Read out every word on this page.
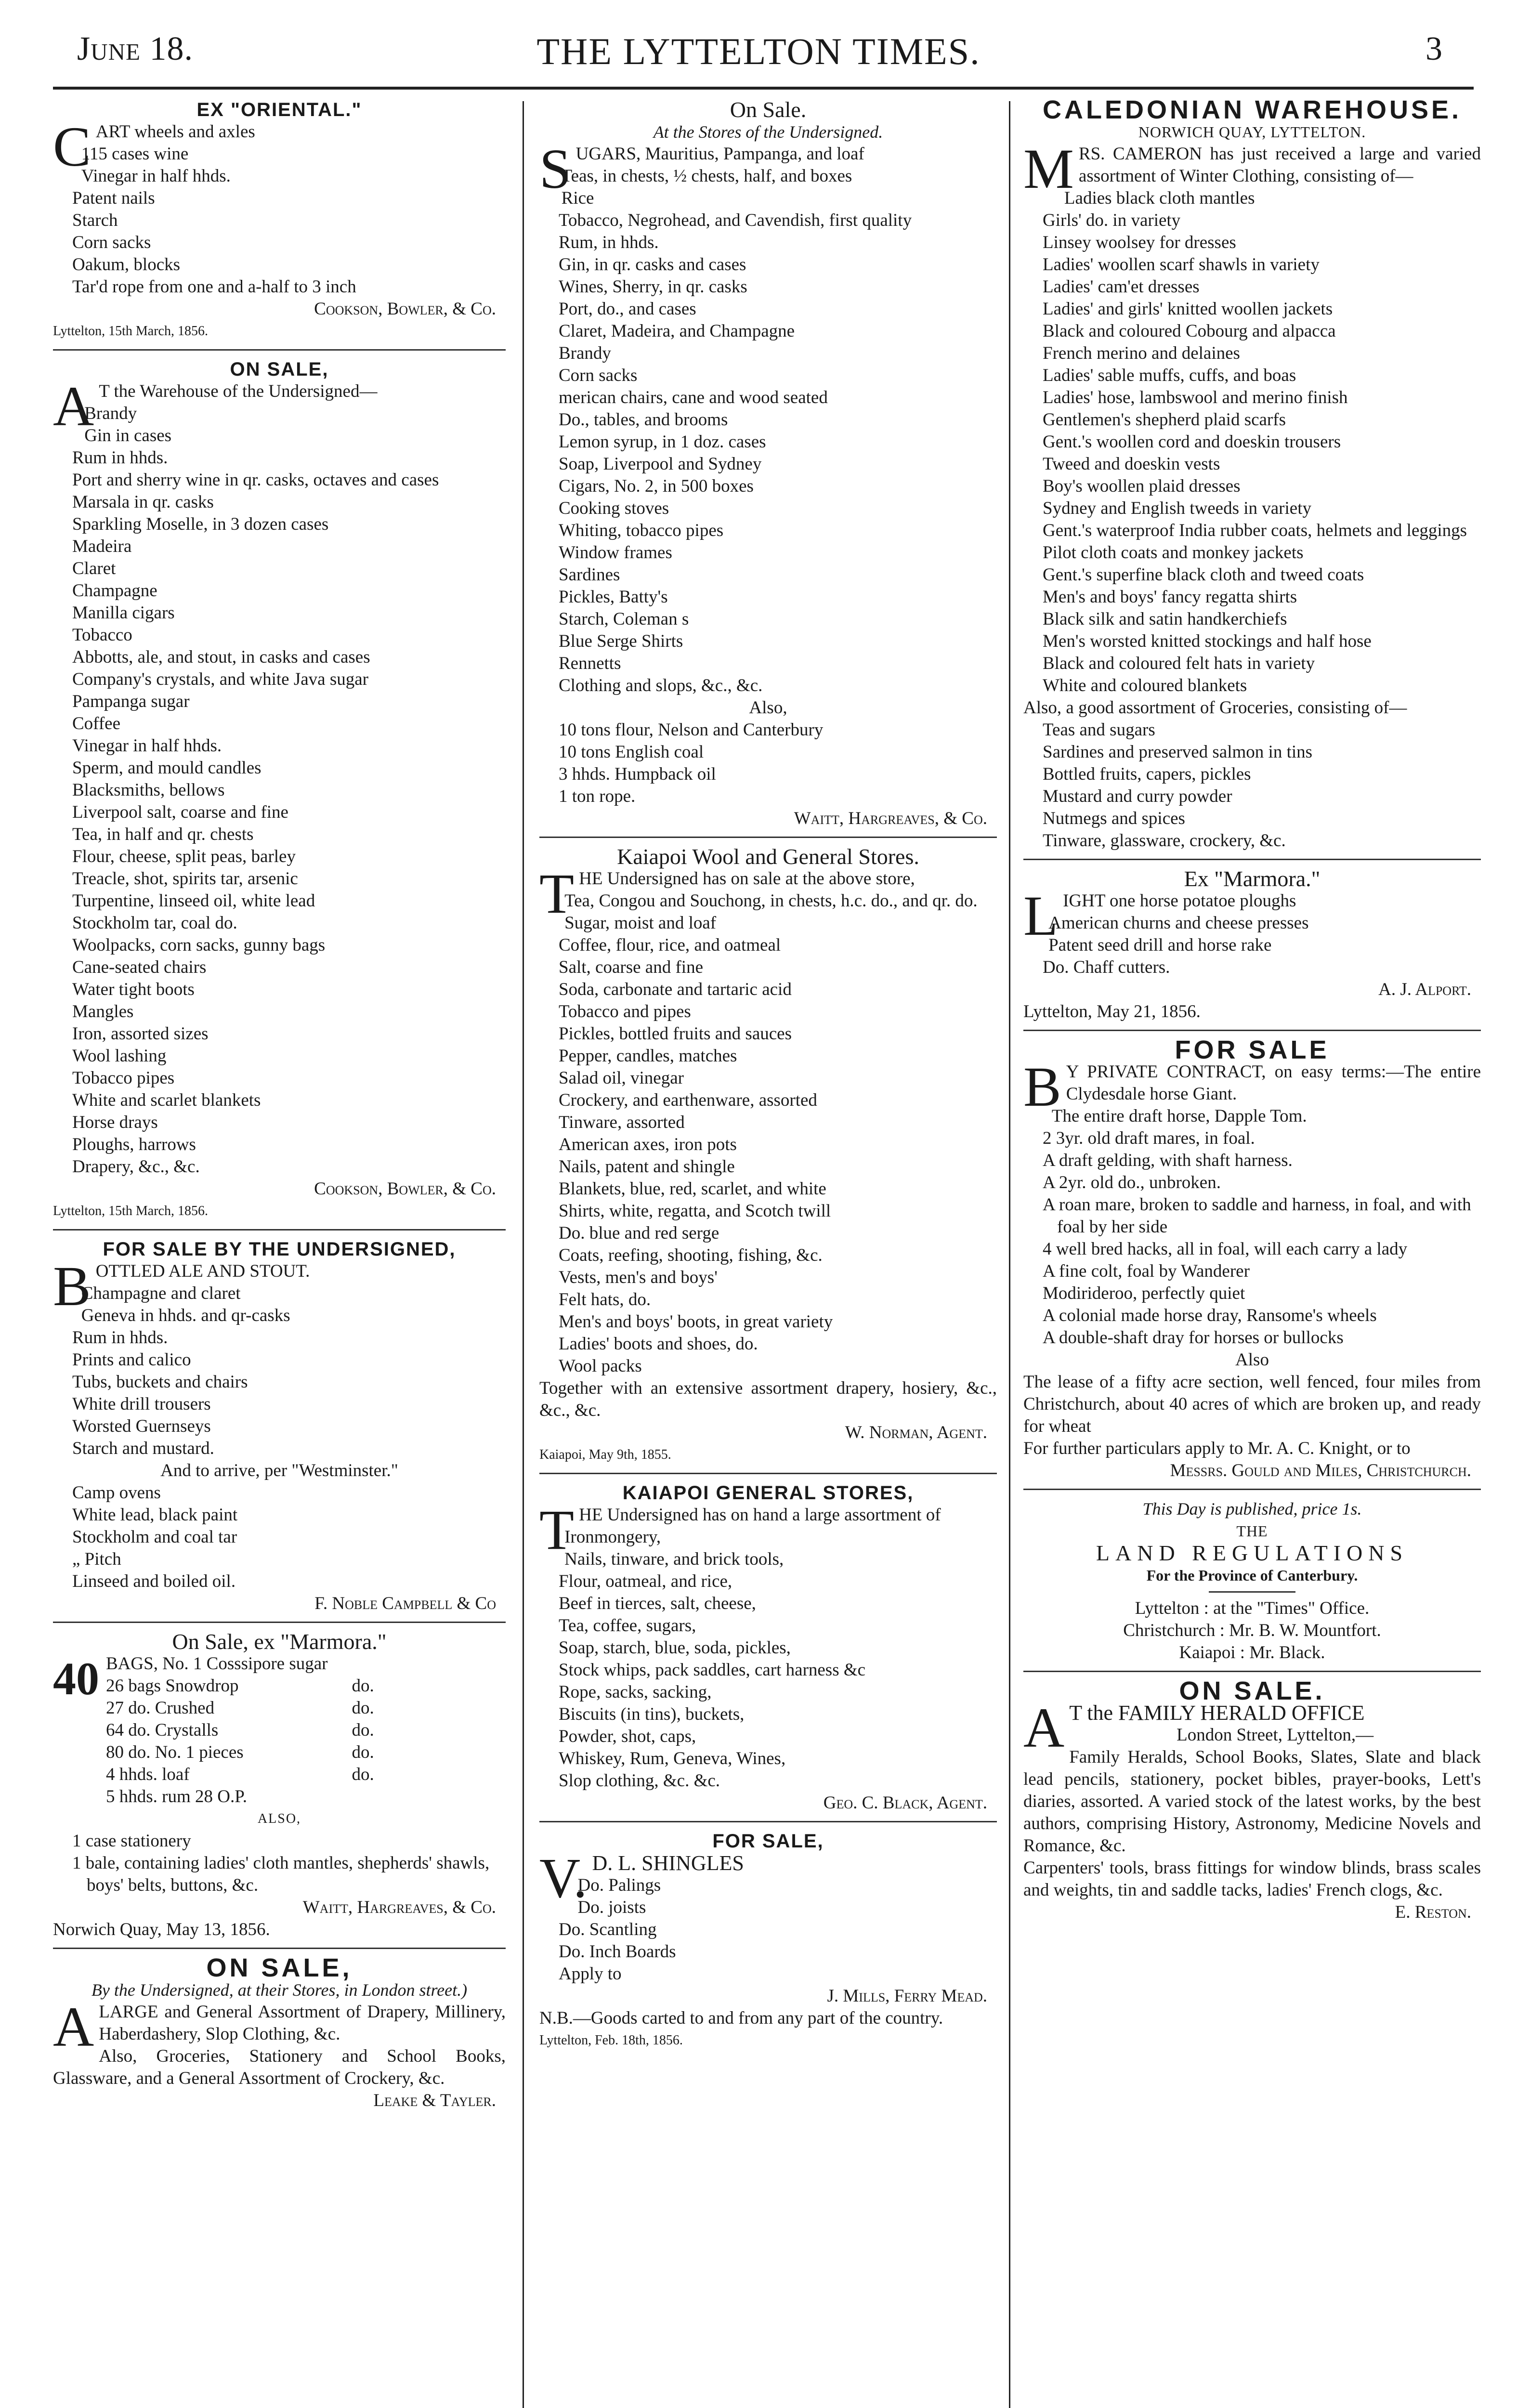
June 18.	THE LYTTELTON TIMES.	3
EX "ORIENTAL."
CART wheels and axles
115 cases wine
Vinegar in half hhds.
Patent nails
Starch
Corn sacks
Oakum, blocks
Tar'd rope from one and a-half to 3 inch
Cookson, Bowler, & Co.
Lyttelton, 15th March, 1856.
ON SALE,
AT the Warehouse of the Undersigned—
Brandy
Gin in cases
Rum in hhds.
Port and sherry wine in qr. casks, octaves and cases
Marsala in qr. casks
Sparkling Moselle, in 3 dozen cases
Madeira
Claret
Champagne
Manilla cigars
Tobacco
Abbotts, ale, and stout, in casks and cases
Company's crystals, and white Java sugar
Pampanga sugar
Coffee
Vinegar in half hhds.
Sperm, and mould candles
Blacksmiths, bellows
Liverpool salt, coarse and fine
Tea, in half and qr. chests
Flour, cheese, split peas, barley
Treacle, shot, spirits tar, arsenic
Turpentine, linseed oil, white lead
Stockholm tar, coal do.
Woolpacks, corn sacks, gunny bags
Cane-seated chairs
Water tight boots
Mangles
Iron, assorted sizes
Wool lashing
Tobacco pipes
White and scarlet blankets
Horse drays
Ploughs, harrows
Drapery, &c., &c.
Cookson, Bowler, & Co.
Lyttelton, 15th March, 1856.
FOR SALE BY THE UNDERSIGNED,
BOTTLED ALE AND STOUT.
Champagne and claret
Geneva in hhds. and qr-casks
Rum in hhds.
Prints and calico
Tubs, buckets and chairs
White drill trousers
Worsted Guernseys
Starch and mustard.
And to arrive, per "Westminster."
Camp ovens
White lead, black paint
Stockholm and coal tar
„ Pitch
Linseed and boiled oil.
F. Noble Campbell & Co
On Sale, ex "Marmora."
40 BAGS, No. 1 Cosssipore sugar	
26 bags Snowdrop	do.
27 do. Crushed	do.
64 do. Crystalls	do.
80 do. No. 1 pieces	do.
4 hhds. loaf	do.
5 hhds. rum 28 O.P.	
ALSO,
1 case stationery
1 bale, containing ladies' cloth mantles, shepherds' shawls, boys' belts, buttons, &c.
Waitt, Hargreaves, & Co.
Norwich Quay, May 13, 1856.
ON SALE,
By the Undersigned, at their Stores, in London street.)
ALARGE and General Assortment of Drapery, Millinery, Haberdashery, Slop Clothing, &c.
Also, Groceries, Stationery and School Books, Glassware, and a General Assortment of Crockery, &c.
Leake & Tayler.
On Sale.
At the Stores of the Undersigned.
SUGARS, Mauritius, Pampanga, and loaf
Teas, in chests, ½ chests, half, and boxes
Rice
Tobacco, Negrohead, and Cavendish, first quality
Rum, in hhds.
Gin, in qr. casks and cases
Wines, Sherry, in qr. casks
Port, do., and cases
Claret, Madeira, and Champagne
Brandy
Corn sacks
merican chairs, cane and wood seated
Do., tables, and brooms
Lemon syrup, in 1 doz. cases
Soap, Liverpool and Sydney
Cigars, No. 2, in 500 boxes
Cooking stoves
Whiting, tobacco pipes
Window frames
Sardines
Pickles, Batty's
Starch, Coleman s
Blue Serge Shirts
Rennetts
Clothing and slops, &c., &c.
Also,
10 tons flour, Nelson and Canterbury
10 tons English coal
3 hhds. Humpback oil
1 ton rope.
Waitt, Hargreaves, & Co.
Kaiapoi Wool and General Stores.
THE Undersigned has on sale at the above store,
Tea, Congou and Souchong, in chests, h.c. do., and qr. do.
Sugar, moist and loaf
Coffee, flour, rice, and oatmeal
Salt, coarse and fine
Soda, carbonate and tartaric acid
Tobacco and pipes
Pickles, bottled fruits and sauces
Pepper, candles, matches
Salad oil, vinegar
Crockery, and earthenware, assorted
Tinware, assorted
American axes, iron pots
Nails, patent and shingle
Blankets, blue, red, scarlet, and white
Shirts, white, regatta, and Scotch twill
Do. blue and red serge
Coats, reefing, shooting, fishing, &c.
Vests, men's and boys'
Felt hats, do.
Men's and boys' boots, in great variety
Ladies' boots and shoes, do.
Wool packs
Together with an extensive assortment drapery, hosiery, &c., &c., &c.
W. Norman, Agent.
Kaiapoi, May 9th, 1855.
KAIAPOI GENERAL STORES,
THE Undersigned has on hand a large assortment of
Ironmongery,
Nails, tinware, and brick tools,
Flour, oatmeal, and rice,
Beef in tierces, salt, cheese,
Tea, coffee, sugars,
Soap, starch, blue, soda, pickles,
Stock whips, pack saddles, cart harness &c
Rope, sacks, sacking,
Biscuits (in tins), buckets,
Powder, shot, caps,
Whiskey, Rum, Geneva, Wines,
Slop clothing, &c. &c.
Geo. C. Black, Agent.
FOR SALE,
V.D. L. SHINGLES
Do. Palings
Do. joists
Do. Scantling
Do. Inch Boards
Apply to
J. Mills, Ferry Mead.
N.B.—Goods carted to and from any part of the country.
Lyttelton, Feb. 18th, 1856.
CALEDONIAN WAREHOUSE.
NORWICH QUAY, LYTTELTON.
MRS. CAMERON has just received a large and varied assortment of Winter Clothing, consisting of—
Ladies black cloth mantles
Girls' do. in variety
Linsey woolsey for dresses
Ladies' woollen scarf shawls in variety
Ladies' cam'et dresses
Ladies' and girls' knitted woollen jackets
Black and coloured Cobourg and alpacca
French merino and delaines
Ladies' sable muffs, cuffs, and boas
Ladies' hose, lambswool and merino finish
Gentlemen's shepherd plaid scarfs
Gent.'s woollen cord and doeskin trousers
Tweed and doeskin vests
Boy's woollen plaid dresses
Sydney and English tweeds in variety
Gent.'s waterproof India rubber coats, helmets and leggings
Pilot cloth coats and monkey jackets
Gent.'s superfine black cloth and tweed coats
Men's and boys' fancy regatta shirts
Black silk and satin handkerchiefs
Men's worsted knitted stockings and half hose
Black and coloured felt hats in variety
White and coloured blankets
Also, a good assortment of Groceries, consisting of—
Teas and sugars
Sardines and preserved salmon in tins
Bottled fruits, capers, pickles
Mustard and curry powder
Nutmegs and spices
Tinware, glassware, crockery, &c.
Ex "Marmora."
LIGHT one horse potatoe ploughs
American churns and cheese presses
Patent seed drill and horse rake
Do. Chaff cutters.
A. J. Alport.
Lyttelton, May 21, 1856.
FOR SALE
BY PRIVATE CONTRACT, on easy terms:—The entire Clydesdale horse Giant.
The entire draft horse, Dapple Tom.
2 3yr. old draft mares, in foal.
A draft gelding, with shaft harness.
A 2yr. old do., unbroken.
A roan mare, broken to saddle and harness, in foal, and with foal by her side
4 well bred hacks, all in foal, will each carry a lady
A fine colt, foal by Wanderer
Modirideroo, perfectly quiet
A colonial made horse dray, Ransome's wheels
A double-shaft dray for horses or bullocks
Also
The lease of a fifty acre section, well fenced, four miles from Christchurch, about 40 acres of which are broken up, and ready for wheat
For further particulars apply to Mr. A. C. Knight, or to
Messrs. Gould and Miles, Christchurch.
This Day is published, price 1s.
THE
LAND REGULATIONS
For the Province of Canterbury.
Lyttelton : at the "Times" Office.
Christchurch : Mr. B. W. Mountfort.
Kaiapoi : Mr. Black.
ON SALE.
AT the FAMILY HERALD OFFICE
London Street, Lyttelton,—
Family Heralds, School Books, Slates, Slate and black lead pencils, stationery, pocket bibles, prayer-books, Lett's diaries, assorted. A varied stock of the latest works, by the best authors, comprising History, Astronomy, Medicine Novels and Romance, &c.
Carpenters' tools, brass fittings for window blinds, brass scales and weights, tin and saddle tacks, ladies' French clogs, &c.
E. Reston.
